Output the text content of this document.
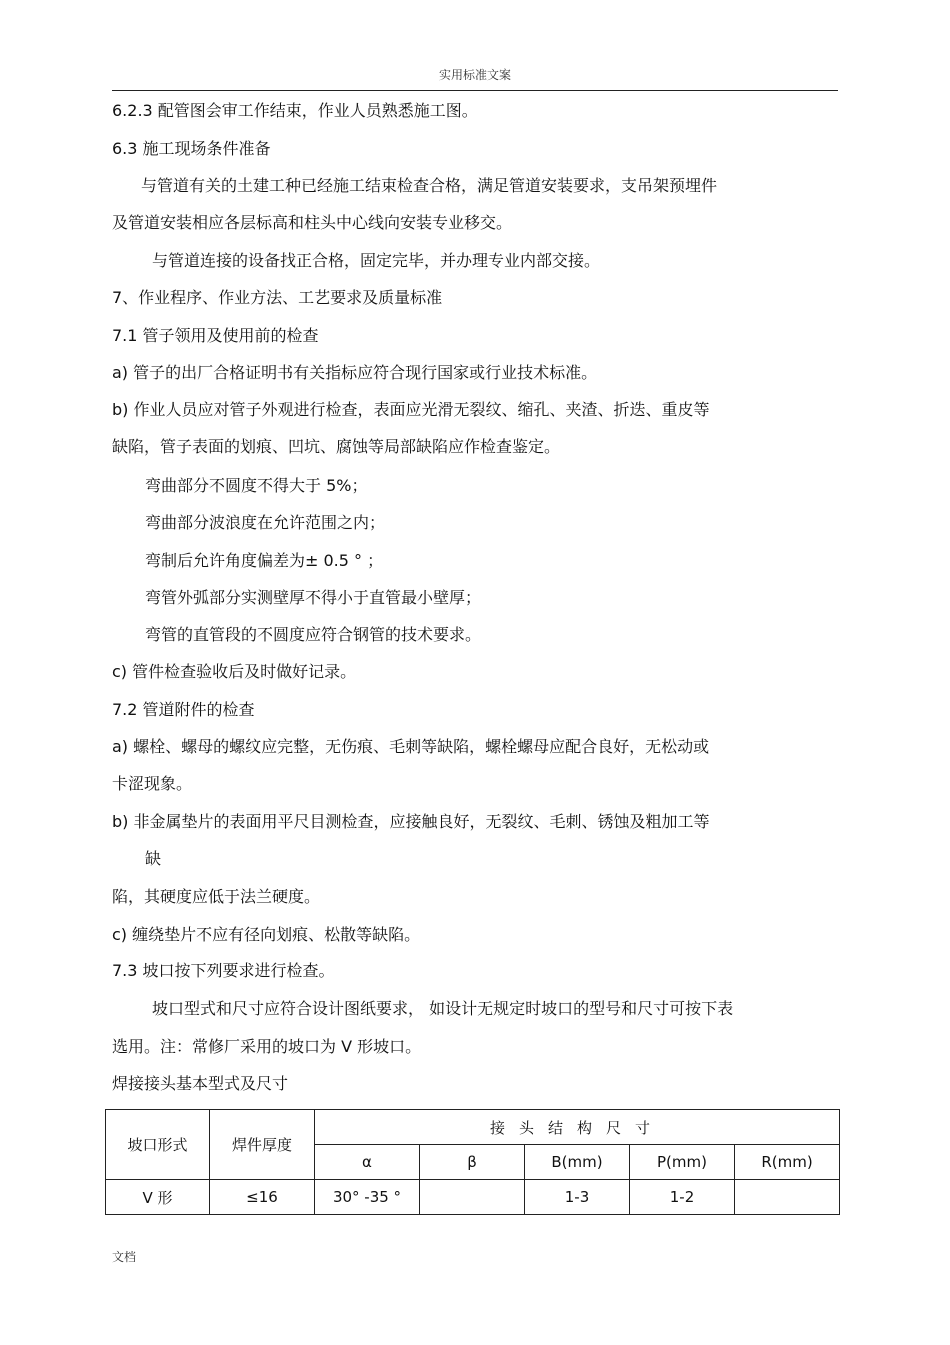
实用标准文案
6.2.3 配管图会审工作结束，作业人员熟悉施工图。
6.3 施工现场条件准备
与管道有关的土建工种已经施工结束检查合格，满足管道安装要求，支吊架预埋件
及管道安装相应各层标高和柱头中心线向安装专业移交。
与管道连接的设备找正合格，固定完毕，并办理专业内部交接。
7、作业程序、作业方法、工艺要求及质量标准
7.1 管子领用及使用前的检查
a) 管子的出厂合格证明书有关指标应符合现行国家或行业技术标准。
b) 作业人员应对管子外观进行检查，表面应光滑无裂纹、缩孔、夹渣、折迭、重皮等
缺陷，管子表面的划痕、凹坑、腐蚀等局部缺陷应作检查鉴定。
弯曲部分不圆度不得大于 5%；
弯曲部分波浪度在允许范围之内；
弯制后允许角度偏差为± 0.5 ° ；
弯管外弧部分实测壁厚不得小于直管最小壁厚；
弯管的直管段的不圆度应符合钢管的技术要求。
c) 管件检查验收后及时做好记录。
7.2 管道附件的检查
a) 螺栓、螺母的螺纹应完整，无伤痕、毛刺等缺陷，螺栓螺母应配合良好，无松动或
卡涩现象。
b) 非金属垫片的表面用平尺目测检查，应接触良好，无裂纹、毛刺、锈蚀及粗加工等
缺
陷，其硬度应低于法兰硬度。
c) 缠绕垫片不应有径向划痕、松散等缺陷。
7.3 坡口按下列要求进行检查。
坡口型式和尺寸应符合设计图纸要求， 如设计无规定时坡口的型号和尺寸可按下表
选用。注：常修厂采用的坡口为 V 形坡口。
焊接接头基本型式及尺寸
坡口形式	焊件厚度	接头结构尺寸				
		α	β	B(mm)	P(mm)	R(mm)
V 形	≤16	30° -35 °		1-3	1-2	
文档
